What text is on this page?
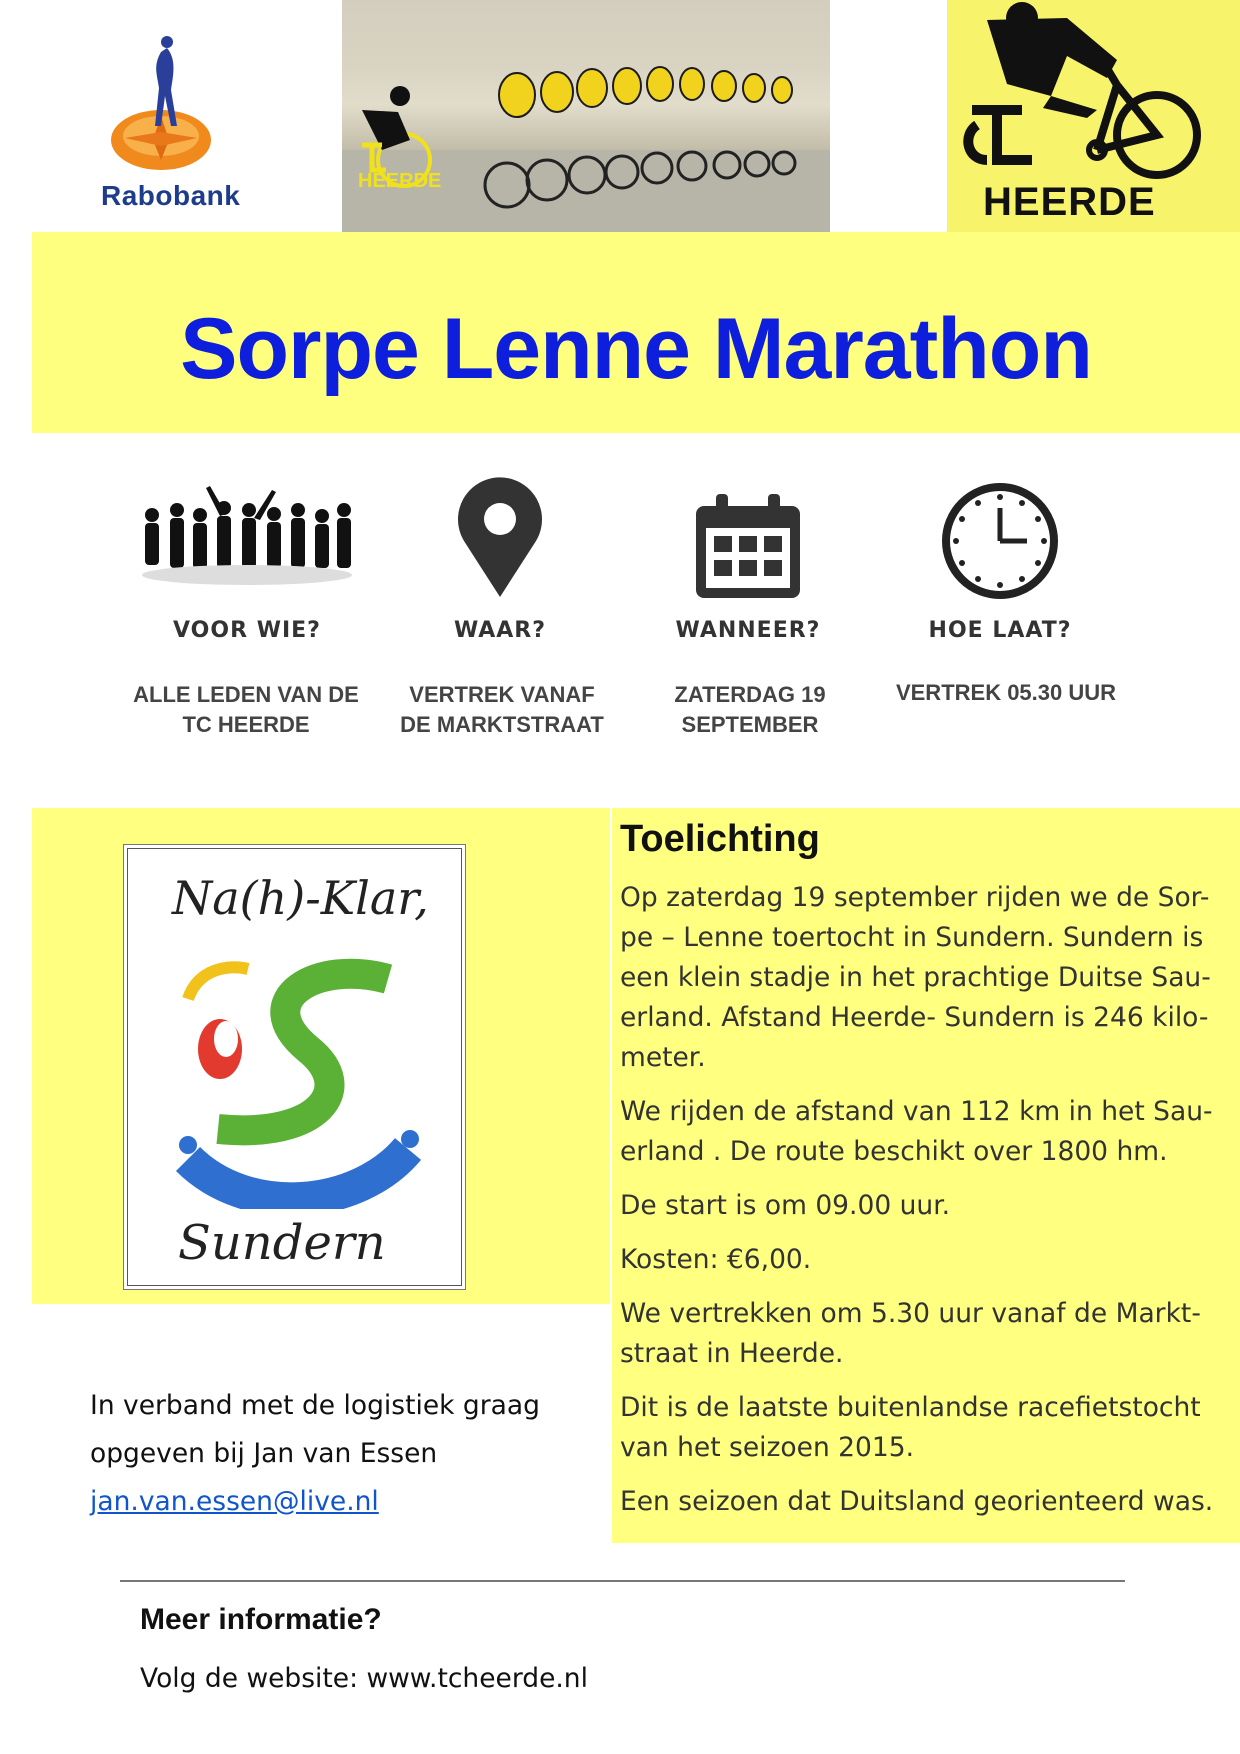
Rabobank	HEERDE	HEERDE
Sorpe Lenne Marathon
VOOR WIE?
ALLE LEDEN VAN DE
TC HEERDE
WAAR?
VERTREK VANAF
DE MARKTSTRAAT
WANNEER?
ZATERDAG 19
SEPTEMBER
HOE LAAT?
VERTREK 05.30 UUR
Na(h)-Klar,
Sundern
Toelichting

Op zaterdag 19 september rijden we de Sor-pe – Lenne toertocht in Sundern. Sundern is een klein stadje in het prachtige Duitse Sau-erland. Afstand Heerde- Sundern is 246 kilo-meter.

We rijden de afstand van 112 km in het Sau-erland . De route beschikt over 1800 hm.

De start is om 09.00 uur.

Kosten: €6,00.

We vertrekken om 5.30 uur vanaf de Markt-straat in Heerde.

Dit is de laatste buitenlandse racefietstocht van het seizoen 2015.

Een seizoen dat Duitsland georienteerd was.

In verband met de logistiek graag
opgeven bij Jan van Essen
jan.van.essen@live.nl
Meer informatie?
Volg de website: www.tcheerde.nl
